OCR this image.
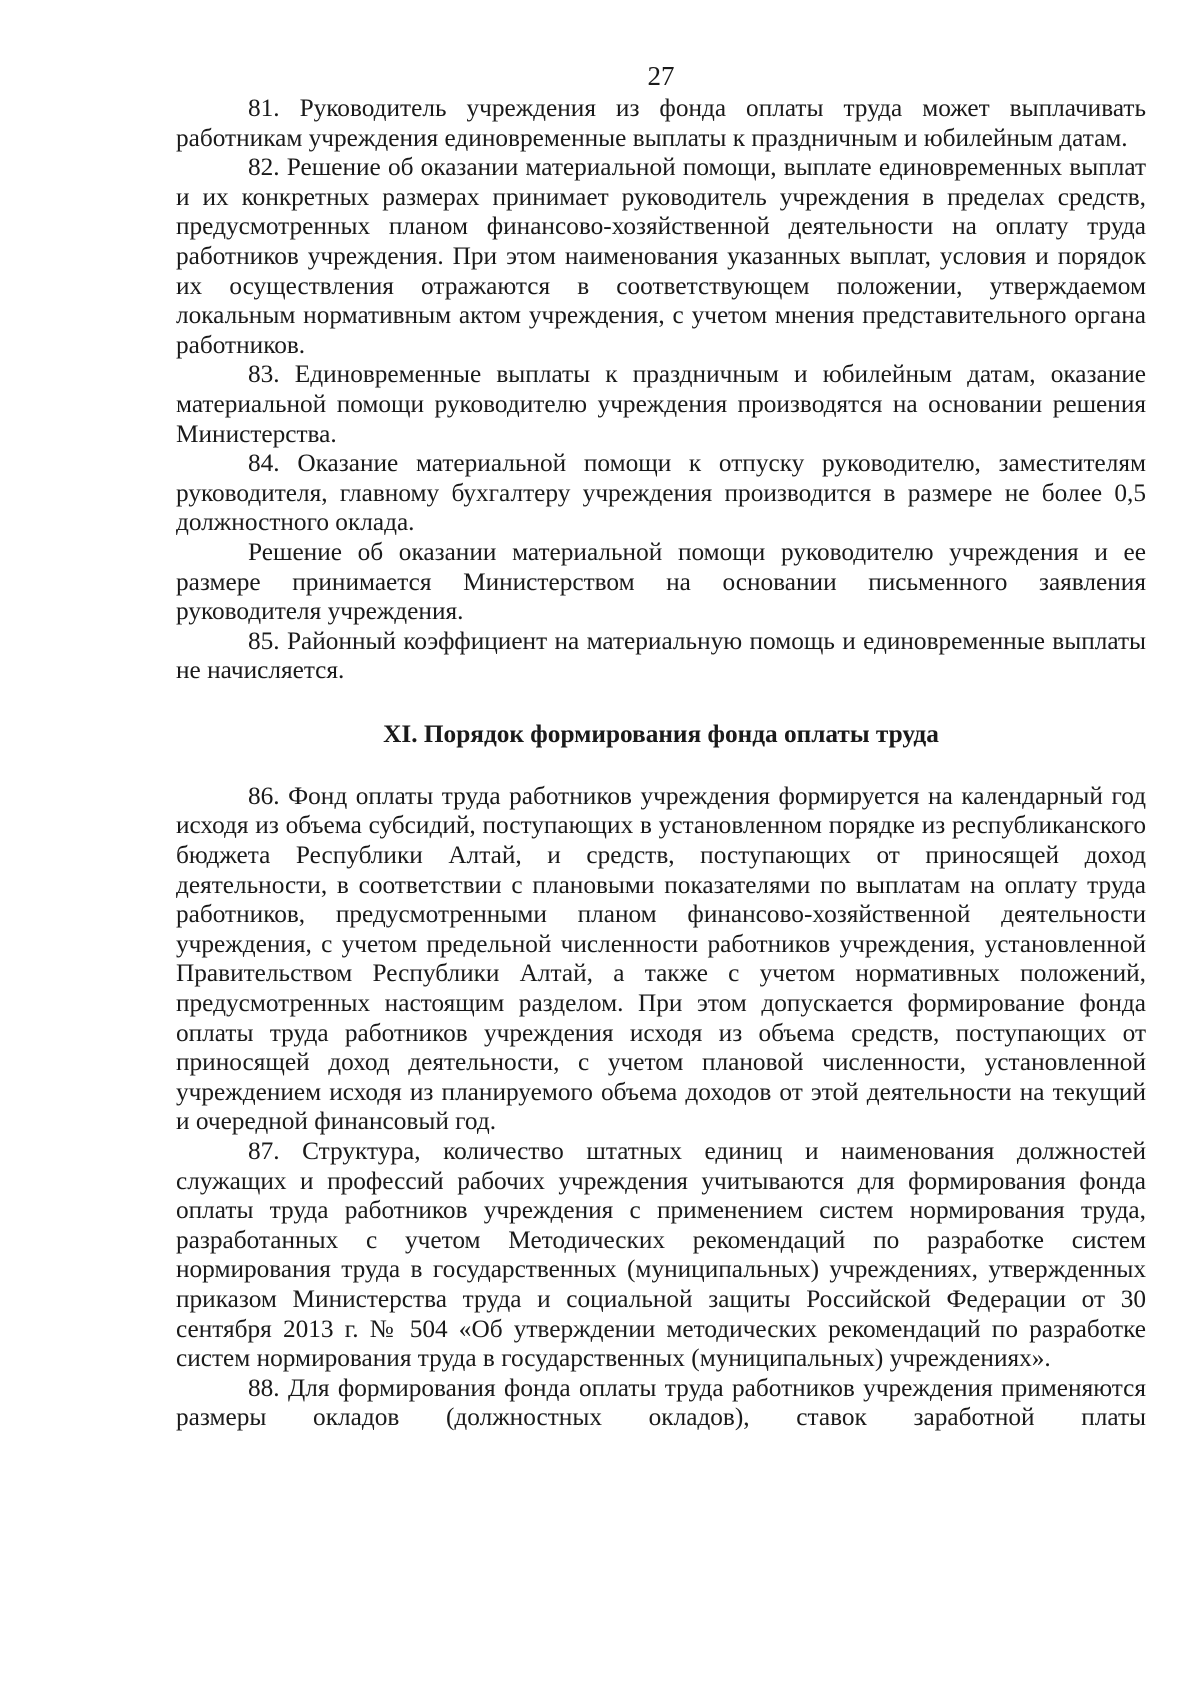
27

81. Руководитель учреждения из фонда оплаты труда может выплачивать работникам учреждения единовременные выплаты к праздничным и юбилейным датам.

82. Решение об оказании материальной помощи, выплате единовременных выплат и их конкретных размерах принимает руководитель учреждения в пределах средств, предусмотренных планом финансово-хозяйственной деятельности на оплату труда работников учреждения. При этом наименования указанных выплат, условия и порядок их осуществления отражаются в соответствующем положении, утверждаемом локальным нормативным актом учреждения, с учетом мнения представительного органа работников.

83. Единовременные выплаты к праздничным и юбилейным датам, оказание материальной помощи руководителю учреждения производятся на основании решения Министерства.

84. Оказание материальной помощи к отпуску руководителю, заместителям руководителя, главному бухгалтеру учреждения производится в размере не более 0,5 должностного оклада.

Решение об оказании материальной помощи руководителю учреждения и ее размере принимается Министерством на основании письменного заявления руководителя учреждения.

85. Районный коэффициент на материальную помощь и единовременные выплаты не начисляется.

XI. Порядок формирования фонда оплаты труда

86. Фонд оплаты труда работников учреждения формируется на календарный год исходя из объема субсидий, поступающих в установленном порядке из республиканского бюджета Республики Алтай, и средств, поступающих от приносящей доход деятельности, в соответствии с плановыми показателями по выплатам на оплату труда работников, предусмотренными планом финансово-хозяйственной деятельности учреждения, с учетом предельной численности работников учреждения, установленной Правительством Республики Алтай, а также с учетом нормативных положений, предусмотренных настоящим разделом. При этом допускается формирование фонда оплаты труда работников учреждения исходя из объема средств, поступающих от приносящей доход деятельности, с учетом плановой численности, установленной учреждением исходя из планируемого объема доходов от этой деятельности на текущий и очередной финансовый год.

87. Структура, количество штатных единиц и наименования должностей служащих и профессий рабочих учреждения учитываются для формирования фонда оплаты труда работников учреждения с применением систем нормирования труда, разработанных с учетом Методических рекомендаций по разработке систем нормирования труда в государственных (муниципальных) учреждениях, утвержденных приказом Министерства труда и социальной защиты Российской Федерации от 30 сентября 2013 г. № 504 «Об утверждении методических рекомендаций по разработке систем нормирования труда в государственных (муниципальных) учреждениях».

88. Для формирования фонда оплаты труда работников учреждения применяются размеры окладов (должностных окладов), ставок заработной платы
